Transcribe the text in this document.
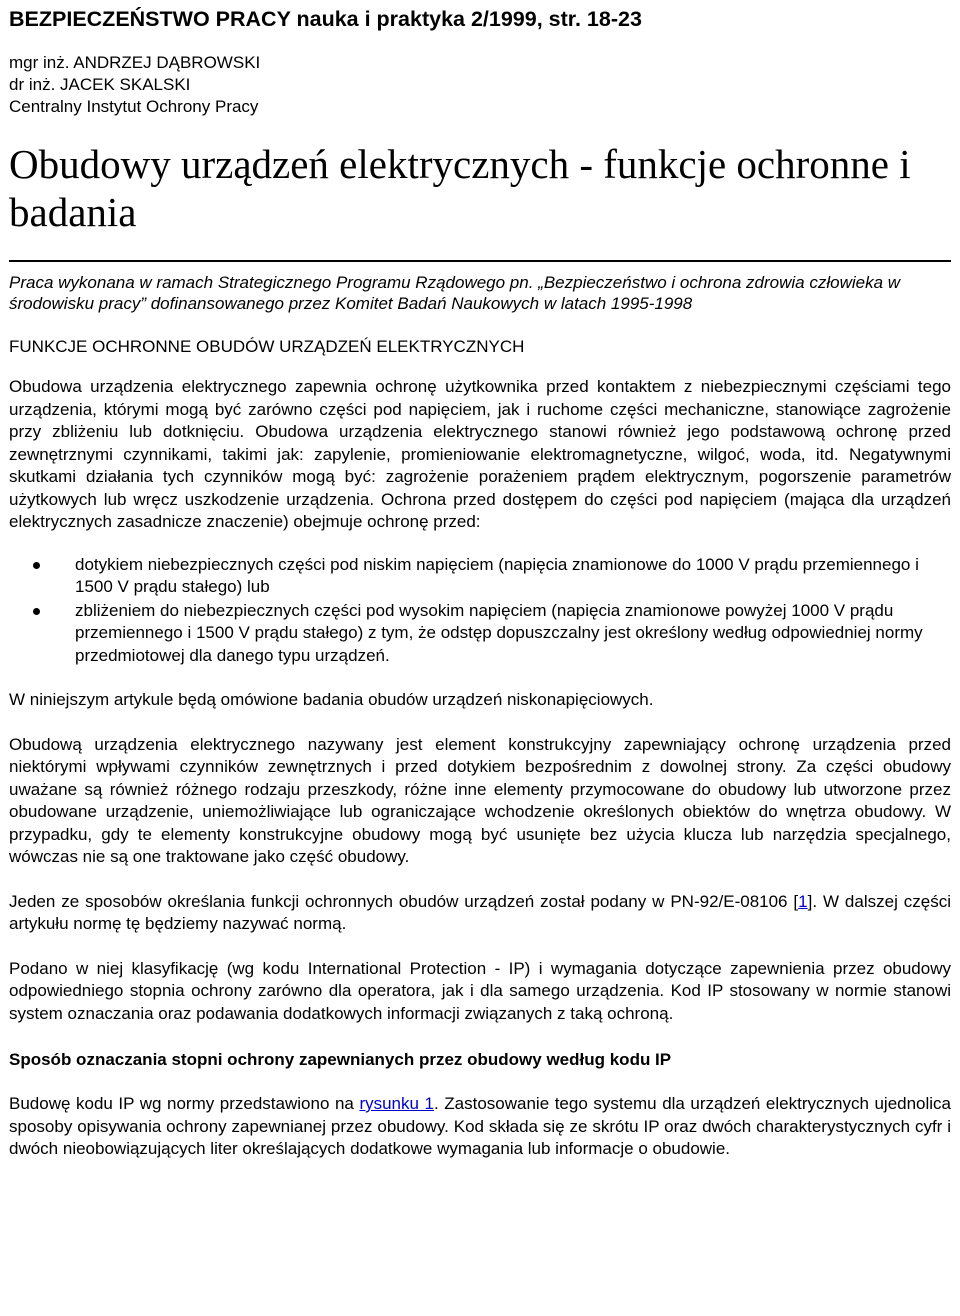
BEZPIECZEŃSTWO PRACY nauka i praktyka 2/1999, str. 18-23
mgr inż. ANDRZEJ DĄBROWSKI
dr inż. JACEK SKALSKI
Centralny Instytut Ochrony Pracy
Obudowy urządzeń elektrycznych - funkcje ochronne i badania
Praca wykonana w ramach Strategicznego Programu Rządowego pn. „Bezpieczeństwo i ochrona zdrowia człowieka w środowisku pracy” dofinansowanego przez Komitet Badań Naukowych w latach 1995-1998
FUNKCJE OCHRONNE OBUDÓW URZĄDZEŃ ELEKTRYCZNYCH

Obudowa urządzenia elektrycznego zapewnia ochronę użytkownika przed kontaktem z niebezpiecznymi częściami tego urządzenia, którymi mogą być zarówno części pod napięciem, jak i ruchome części mechaniczne, stanowiące zagrożenie przy zbliżeniu lub dotknięciu. Obudowa urządzenia elektrycznego stanowi również jego podstawową ochronę przed zewnętrznymi czynnikami, takimi jak: zapylenie, promieniowanie elektromagnetyczne, wilgoć, woda, itd. Negatywnymi skutkami działania tych czynników mogą być: zagrożenie porażeniem prądem elektrycznym, pogorszenie parametrów użytkowych lub wręcz uszkodzenie urządzenia. Ochrona przed dostępem do części pod napięciem (mająca dla urządzeń elektrycznych zasadnicze znaczenie) obejmuje ochronę przed:

dotykiem niebezpiecznych części pod niskim napięciem (napięcia znamionowe do 1000 V prądu przemiennego i 1500 V prądu stałego) lub
zbliżeniem do niebezpiecznych części pod wysokim napięciem (napięcia znamionowe powyżej 1000 V prądu przemiennego i 1500 V prądu stałego) z tym, że odstęp dopuszczalny jest określony według odpowiedniej normy przedmiotowej dla danego typu urządzeń.

W niniejszym artykule będą omówione badania obudów urządzeń niskonapięciowych.

Obudową urządzenia elektrycznego nazywany jest element konstrukcyjny zapewniający ochronę urządzenia przed niektórymi wpływami czynników zewnętrznych i przed dotykiem bezpośrednim z dowolnej strony. Za części obudowy uważane są również różnego rodzaju przeszkody, różne inne elementy przymocowane do obudowy lub utworzone przez obudowane urządzenie, uniemożliwiające lub ograniczające wchodzenie określonych obiektów do wnętrza obudowy. W przypadku, gdy te elementy konstrukcyjne obudowy mogą być usunięte bez użycia klucza lub narzędzia specjalnego, wówczas nie są one traktowane jako część obudowy.

Jeden ze sposobów określania funkcji ochronnych obudów urządzeń został podany w PN-92/E-08106 [1]. W dalszej części artykułu normę tę będziemy nazywać normą.

Podano w niej klasyfikację (wg kodu International Protection - IP) i wymagania dotyczące zapewnienia przez obudowy odpowiedniego stopnia ochrony zarówno dla operatora, jak i dla samego urządzenia. Kod IP stosowany w normie stanowi system oznaczania oraz podawania dodatkowych informacji związanych z taką ochroną.

Sposób oznaczania stopni ochrony zapewnianych przez obudowy według kodu IP

Budowę kodu IP wg normy przedstawiono na rysunku 1. Zastosowanie tego systemu dla urządzeń elektrycznych ujednolica sposoby opisywania ochrony zapewnianej przez obudowy. Kod składa się ze skrótu IP oraz dwóch charakterystycznych cyfr i dwóch nieobowiązujących liter określających dodatkowe wymagania lub informacje o obudowie.
